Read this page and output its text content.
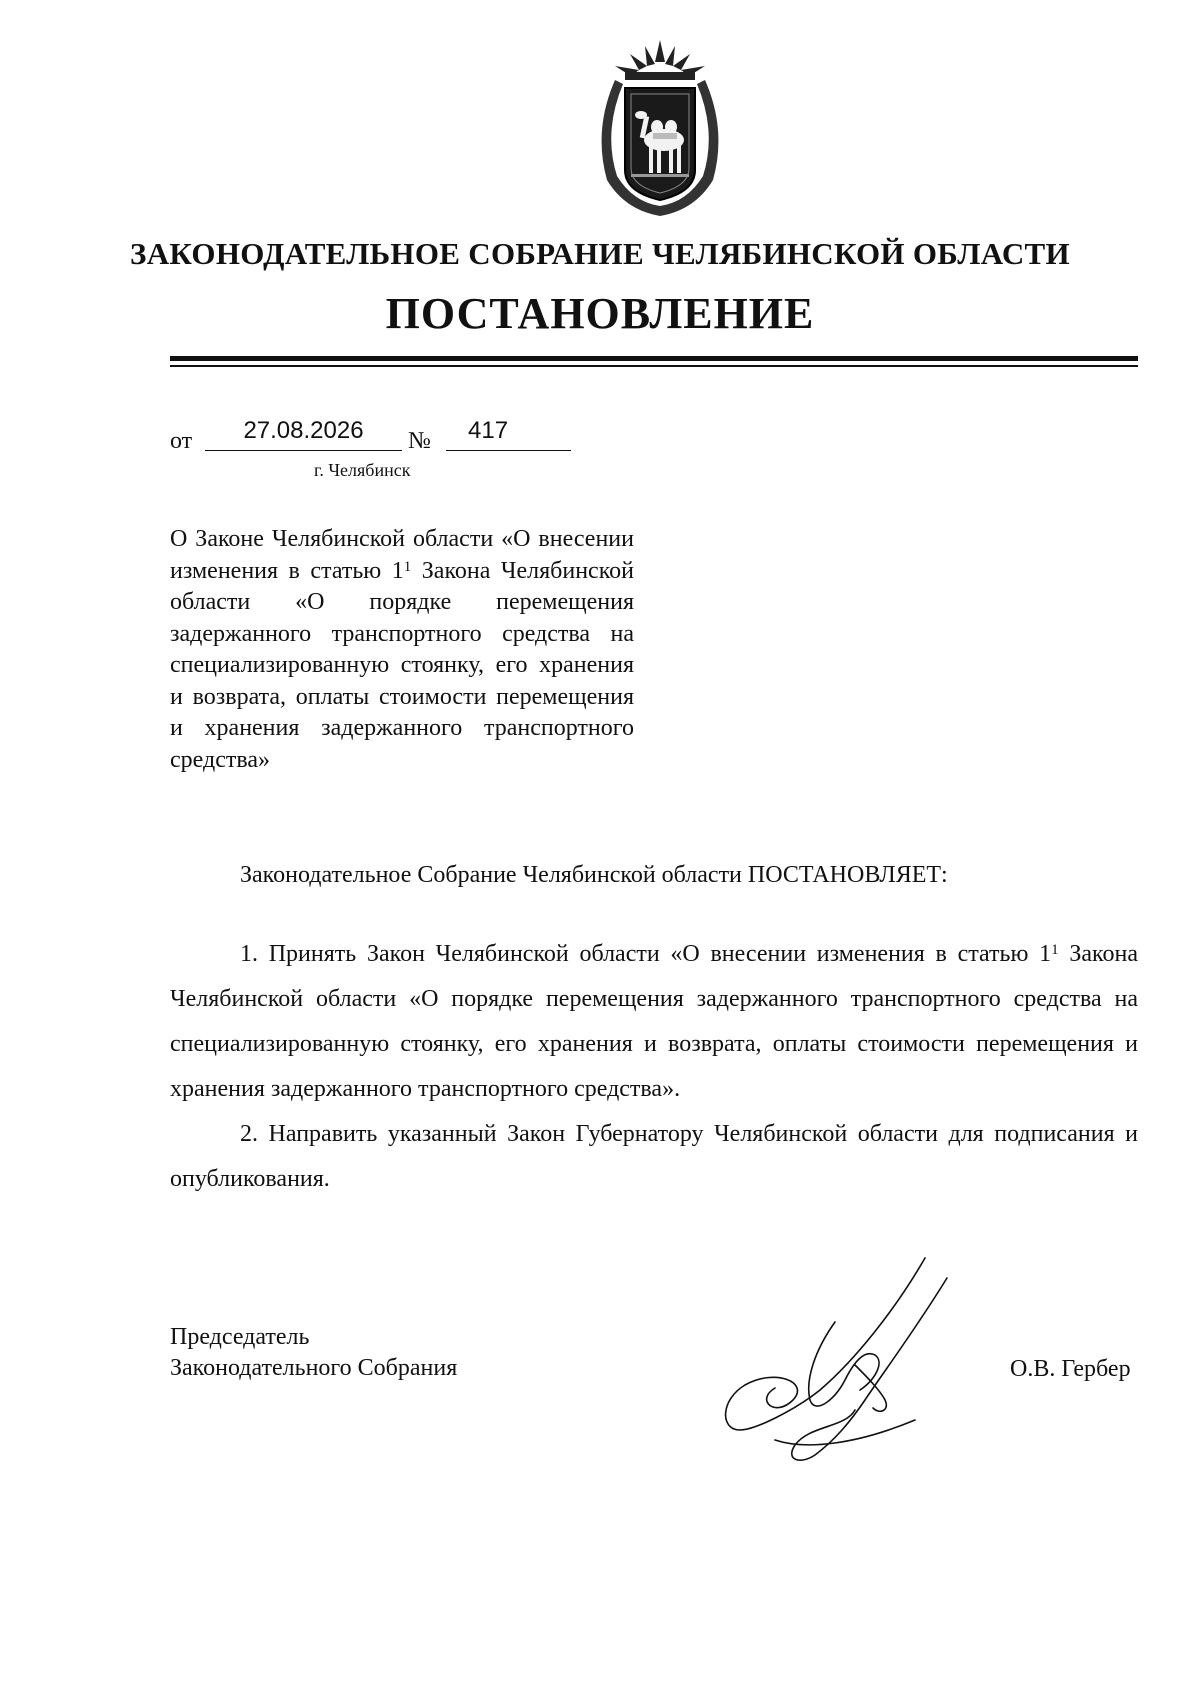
ЗАКОНОДАТЕЛЬНОЕ СОБРАНИЕ ЧЕЛЯБИНСКОЙ ОБЛАСТИ
ПОСТАНОВЛЕНИЕ
от	27.08.2026	№	417
г. Челябинск

О Законе Челябинской области «О внесении изменения в статью $1^1$ Закона Челябинской области «О порядке перемещения задержанного транспортного средства на специализированную стоянку, его хранения и возврата, оплаты стоимости перемещения и хранения задержанного транспортного средства»

Законодательное Собрание Челябинской области ПОСТАНОВЛЯЕТ:

1. Принять Закон Челябинской области «О внесении изменения в статью $1^1$ Закона Челябинской области «О порядке перемещения задержанного транспортного средства на специализированную стоянку, его хранения и возврата, оплаты стоимости перемещения и хранения задержанного транспортного средства».

2. Направить указанный Закон Губернатору Челябинской области для подписания и опубликования.

Председатель
Законодательного Собрания	О.В. Гербер
